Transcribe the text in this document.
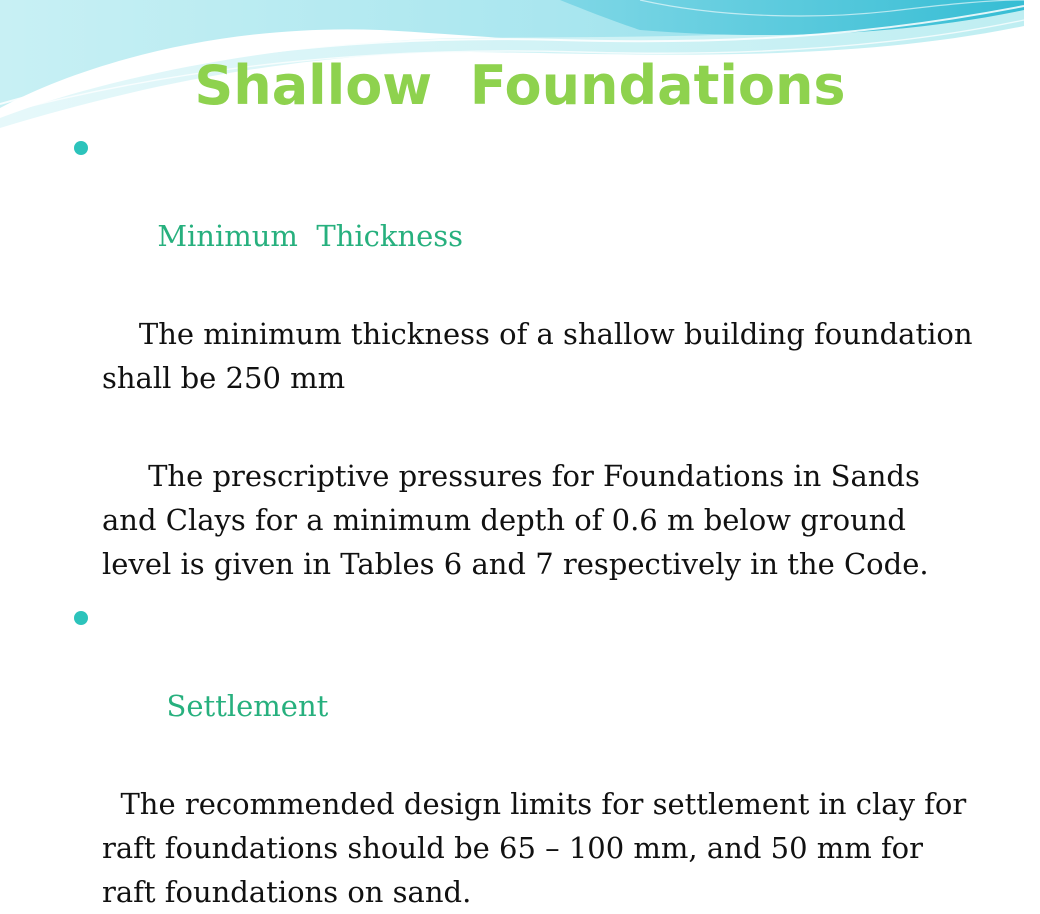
Shallow  Foundations

Minimum  Thickness

The minimum thickness of a shallow building foundation shall be 250 mm

The prescriptive pressures for Foundations in Sands and Clays for a minimum depth of 0.6 m below ground level is given in Tables 6 and 7 respectively in the Code.

Settlement

The recommended design limits for settlement in clay for raft foundations should be 65 – 100 mm, and 50 mm for raft foundations on sand.
